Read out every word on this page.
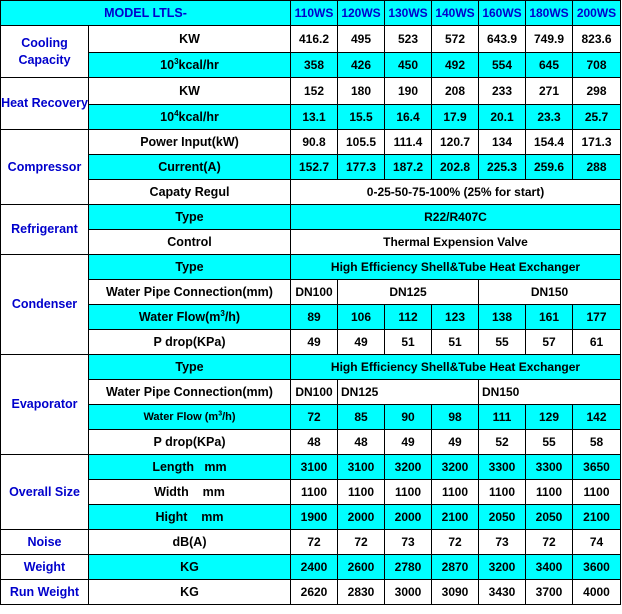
MODEL LTLS-		110WS	120WS	130WS	140WS	160WS	180WS	200WS
Cooling Capacity	KW	416.2	495	523	572	643.9	749.9	823.6
	$10^3kcal/hr$	358	426	450	492	554	645	708
Heat Recovery	KW	152	180	190	208	233	271	298
	$10^4kcal/hr$	13.1	15.5	16.4	17.9	20.1	23.3	25.7
Compressor	Power Input(kW)	90.8	105.5	111.4	120.7	134	154.4	171.3
	Current(A)	152.7	177.3	187.2	202.8	225.3	259.6	288
	Capaty Regul	0-25-50-75-100% (25% for start)						
Refrigerant	Type	R22/R407C						
	Control	Thermal Expension Valve						
Condenser	Type	High Efficiency Shell&Tube Heat Exchanger						
	Water Pipe Connection(mm)	DN100	DN125			DN150		
	Water $Flow(m^3/h)$	89	106	112	123	138	161	177
	P drop(KPa)	49	49	51	51	55	57	61
Evaporator	Type	High Efficiency Shell&Tube Heat Exchanger						
	Water Pipe Connection(mm)	DN100	DN125			DN150		

	Water Flow $(m^3/h)$	72	85	90	98	111	129	142
	P drop(KPa)	48	48	49	49	52	55	58
Overall Size	Length   mm	3100	3100	3200	3200	3300	3300	3650
	Width    mm	1100	1100	1100	1100	1100	1100	1100
	Hight    mm	1900	2000	2000	2100	2050	2050	2100
Noise	dB(A)	72	72	73	72	73	72	74
Weight	KG	2400	2600	2780	2870	3200	3400	3600
Run Weight	KG	2620	2830	3000	3090	3430	3700	4000
